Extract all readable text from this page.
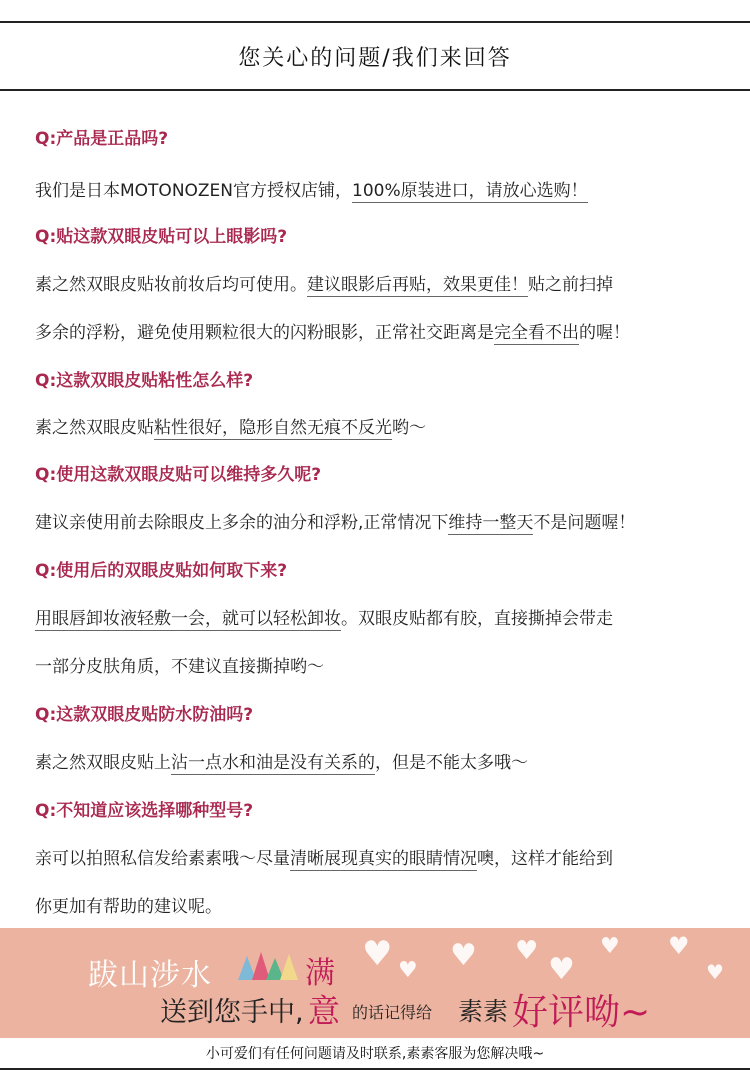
您关心的问题/我们来回答
Q:产品是正品吗?
我们是日本MOTONOZEN官方授权店铺，100%原装进口，请放心选购！
Q:贴这款双眼皮贴可以上眼影吗?
素之然双眼皮贴妆前妆后均可使用。建议眼影后再贴，效果更佳！贴之前扫掉
多余的浮粉，避免使用颗粒很大的闪粉眼影，正常社交距离是完全看不出的喔！
Q:这款双眼皮贴粘性怎么样?
素之然双眼皮贴粘性很好，隐形自然无痕不反光哟～
Q:使用这款双眼皮贴可以维持多久呢?
建议亲使用前去除眼皮上多余的油分和浮粉,正常情况下维持一整天不是问题喔！
Q:使用后的双眼皮贴如何取下来?
用眼唇卸妆液轻敷一会，就可以轻松卸妆。双眼皮贴都有胶，直接撕掉会带走
一部分皮肤角质，不建议直接撕掉哟～
Q:这款双眼皮贴防水防油吗?
素之然双眼皮贴上沾一点水和油是没有关系的，但是不能太多哦～
Q:不知道应该选择哪种型号?
亲可以拍照私信发给素素哦～尽量清晰展现真实的眼睛情况噢，这样才能给到
你更加有帮助的建议呢。
跋山涉水	满
送到您手中, 意 的话记得给 素素 好评呦~
♥ ♥ ♥ ♥
♥
♥ ♥
♥
小可爱们有任何问题请及时联系,素素客服为您解决哦~
